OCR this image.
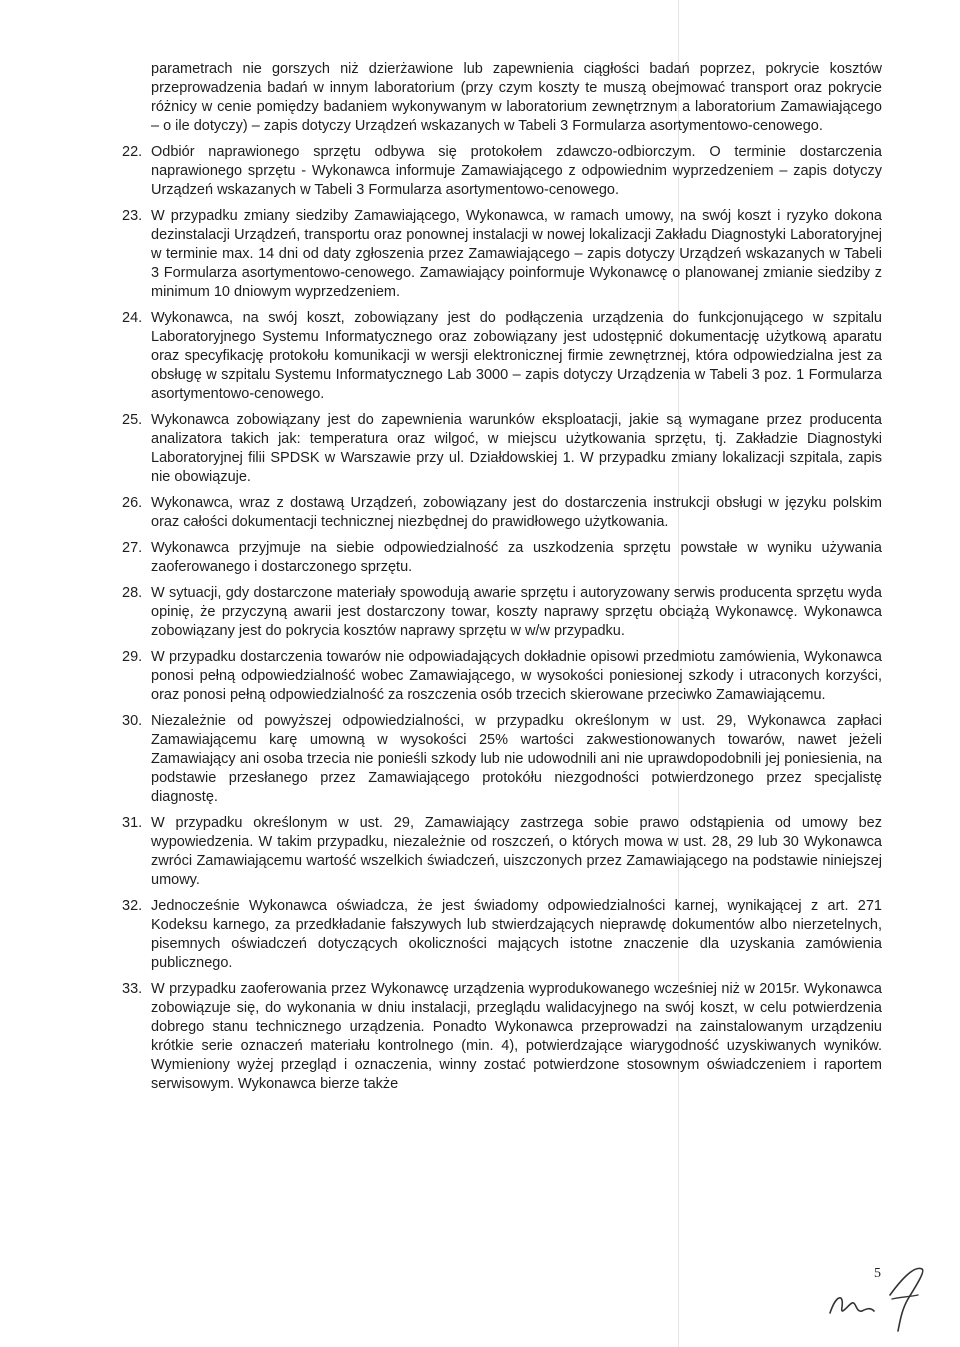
parametrach nie gorszych niż dzierżawione lub zapewnienia ciągłości badań poprzez, pokrycie kosztów przeprowadzenia badań w innym laboratorium (przy czym koszty te muszą obejmować transport oraz pokrycie różnicy w cenie pomiędzy badaniem wykonywanym w laboratorium zewnętrznym a laboratorium Zamawiającego – o ile dotyczy) – zapis dotyczy Urządzeń wskazanych w Tabeli 3 Formularza asortymentowo-cenowego.

22. Odbiór naprawionego sprzętu odbywa się protokołem zdawczo-odbiorczym. O terminie dostarczenia naprawionego sprzętu - Wykonawca informuje Zamawiającego z odpowiednim wyprzedzeniem – zapis dotyczy Urządzeń wskazanych w Tabeli 3 Formularza asortymentowo-cenowego.
23. W przypadku zmiany siedziby Zamawiającego, Wykonawca, w ramach umowy, na swój koszt i ryzyko dokona dezinstalacji Urządzeń, transportu oraz ponownej instalacji w nowej lokalizacji Zakładu Diagnostyki Laboratoryjnej w terminie max. 14 dni od daty zgłoszenia przez Zamawiającego – zapis dotyczy Urządzeń wskazanych w Tabeli 3 Formularza asortymentowo-cenowego. Zamawiający poinformuje Wykonawcę o planowanej zmianie siedziby z minimum 10 dniowym wyprzedzeniem.
24. Wykonawca, na swój koszt, zobowiązany jest do podłączenia urządzenia do funkcjonującego w szpitalu Laboratoryjnego Systemu Informatycznego oraz zobowiązany jest udostępnić dokumentację użytkową aparatu oraz specyfikację protokołu komunikacji w wersji elektronicznej firmie zewnętrznej, która odpowiedzialna jest za obsługę w szpitalu Systemu Informatycznego Lab 3000 – zapis dotyczy Urządzenia w Tabeli 3 poz. 1 Formularza asortymentowo-cenowego.
25. Wykonawca zobowiązany jest do zapewnienia warunków eksploatacji, jakie są wymagane przez producenta analizatora takich jak: temperatura oraz wilgoć, w miejscu użytkowania sprzętu, tj. Zakładzie Diagnostyki Laboratoryjnej filii SPDSK w Warszawie przy ul. Działdowskiej 1. W przypadku zmiany lokalizacji szpitala, zapis nie obowiązuje.
26. Wykonawca, wraz z dostawą Urządzeń, zobowiązany jest do dostarczenia instrukcji obsługi w języku polskim oraz całości dokumentacji technicznej niezbędnej do prawidłowego użytkowania.
27. Wykonawca przyjmuje na siebie odpowiedzialność za uszkodzenia sprzętu powstałe w wyniku używania zaoferowanego i dostarczonego sprzętu.
28. W sytuacji, gdy dostarczone materiały spowodują awarie sprzętu i autoryzowany serwis producenta sprzętu wyda opinię, że przyczyną awarii jest dostarczony towar, koszty naprawy sprzętu obciążą Wykonawcę. Wykonawca zobowiązany jest do pokrycia kosztów naprawy sprzętu w w/w przypadku.
29. W przypadku dostarczenia towarów nie odpowiadających dokładnie opisowi przedmiotu zamówienia, Wykonawca ponosi pełną odpowiedzialność wobec Zamawiającego, w wysokości poniesionej szkody i utraconych korzyści, oraz ponosi pełną odpowiedzialność za roszczenia osób trzecich skierowane przeciwko Zamawiającemu.
30. Niezależnie od powyższej odpowiedzialności, w przypadku określonym w ust. 29, Wykonawca zapłaci Zamawiającemu karę umowną w wysokości 25% wartości zakwestionowanych towarów, nawet jeżeli Zamawiający ani osoba trzecia nie ponieśli szkody lub nie udowodnili ani nie uprawdopodobnili jej poniesienia, na podstawie przesłanego przez Zamawiającego protokółu niezgodności potwierdzonego przez specjalistę diagnostę.
31. W przypadku określonym w ust. 29, Zamawiający zastrzega sobie prawo odstąpienia od umowy bez wypowiedzenia. W takim przypadku, niezależnie od roszczeń, o których mowa w ust. 28, 29 lub 30 Wykonawca zwróci Zamawiającemu wartość wszelkich świadczeń, uiszczonych przez Zamawiającego na podstawie niniejszej umowy.
32. Jednocześnie Wykonawca oświadcza, że jest świadomy odpowiedzialności karnej, wynikającej z art. 271 Kodeksu karnego, za przedkładanie fałszywych lub stwierdzających nieprawdę dokumentów albo nierzetelnych, pisemnych oświadczeń dotyczących okoliczności mających istotne znaczenie dla uzyskania zamówienia publicznego.
33. W przypadku zaoferowania przez Wykonawcę urządzenia wyprodukowanego wcześniej niż w 2015r. Wykonawca zobowiązuje się, do wykonania w dniu instalacji, przeglądu walidacyjnego na swój koszt, w celu potwierdzenia dobrego stanu technicznego urządzenia. Ponadto Wykonawca przeprowadzi na zainstalowanym urządzeniu krótkie serie oznaczeń materiału kontrolnego (min. 4), potwierdzające wiarygodność uzyskiwanych wyników. Wymieniony wyżej przegląd i oznaczenia, winny zostać potwierdzone stosownym oświadczeniem i raportem serwisowym. Wykonawca bierze także
5
